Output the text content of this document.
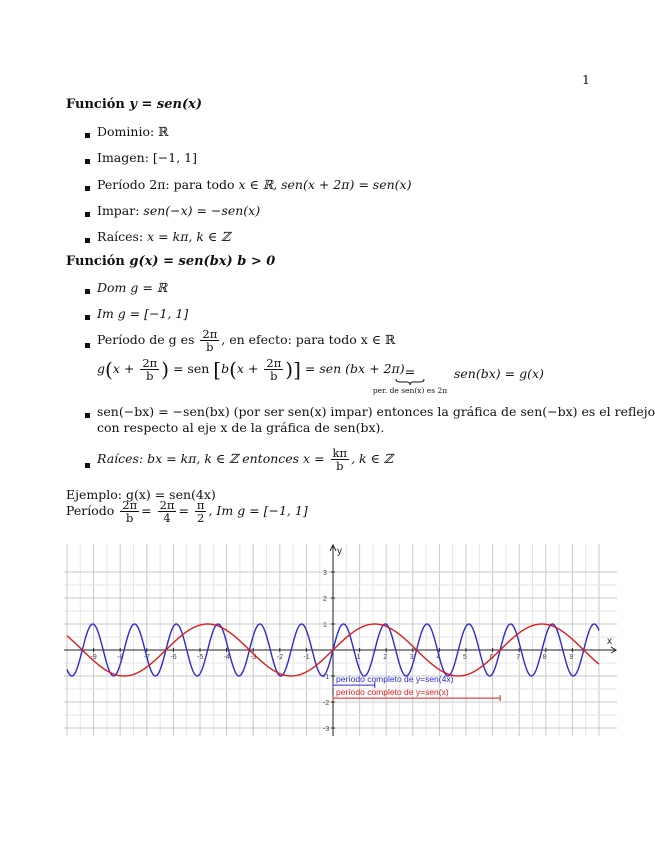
1
Función y = sen(x)
Dominio: ℝ
Imagen: [−1, 1]
Período 2π: para todo x ∈ ℝ, sen(x + 2π) = sen(x)
Impar: sen(−x) = −sen(x)
Raíces: x = kπ, k ∈ ℤ
Función g(x) = sen(bx) b > 0
Dom g = ℝ
Im g = [−1, 1]
Período de g es $\frac{2\pi}{b}$ , en efecto: para todo x ∈ ℝ
$g(x + \frac{2\pi}{b}$ ) = sen [$b(x + \frac{2\pi}{b}$ )] = sen (bx + 2π) =
per. de sen(x) es 2π
sen(bx) = g(x)
sen(−bx) = −sen(bx) (por ser sen(x) impar) entonces la gráfica de sen(−bx) es el reflejo
con respecto al eje x de la gráfica de sen(bx).
Raíces: bx = kπ, k ∈ ℤ entonces $x = \frac{k\pi}{b}$ , k ∈ ℤ
Ejemplo: g(x) = sen(4x)
Período $\frac{2\pi}{b} = \frac{2\pi}{4} = \frac{\pi}{2}$ , Im g = [−1, 1]
x
y
-3
-2
-1
1
2
3
-9	-8	-7	-6	-5	-4	-3	-2	-1	1	2	3	4	5	6	7	8	9
período completo de y=sen(4x)
período completo de y=sen(x)
